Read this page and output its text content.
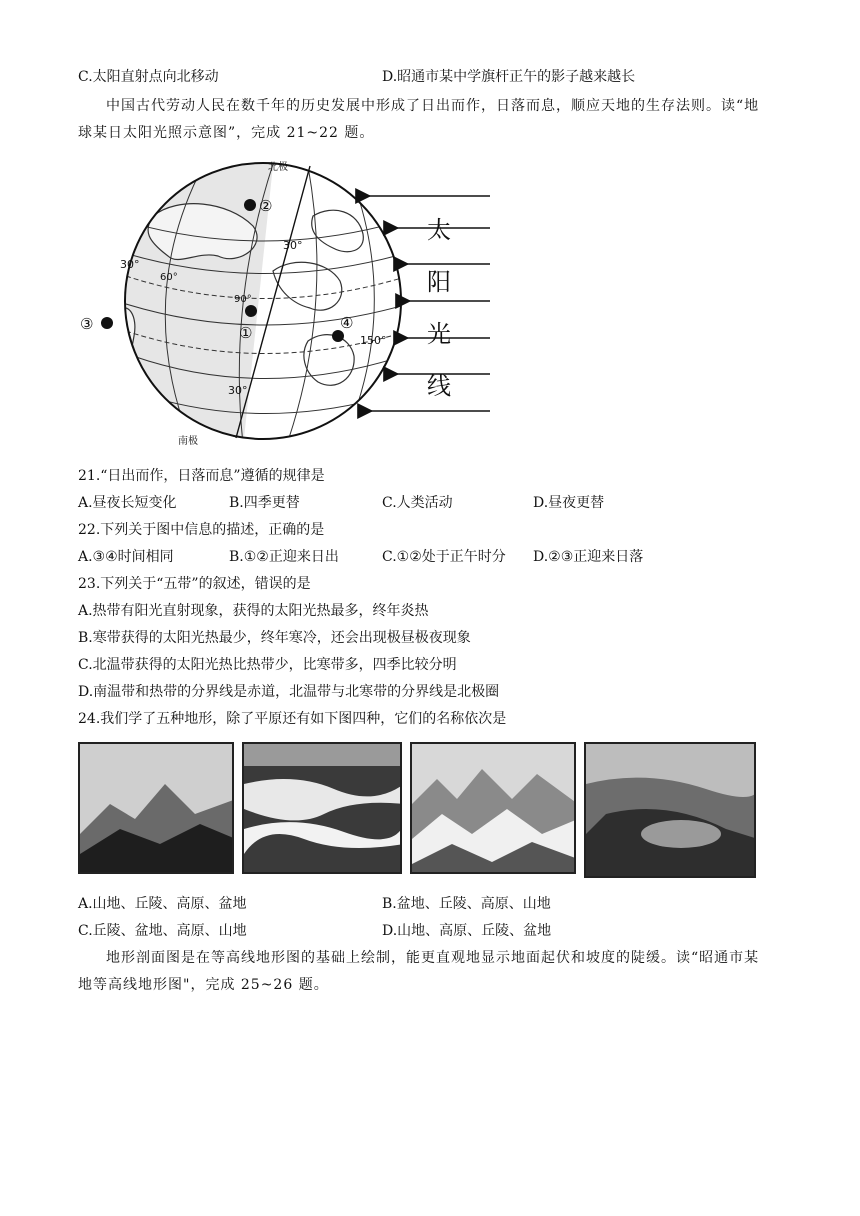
C.太阳直射点向北移动	D.昭通市某中学旗杆正午的影子越来越长
中国古代劳动人民在数千年的历史发展中形成了日出而作，日落而息，顺应天地的生存法则。读“地
球某日太阳光照示意图”，完成 21~22 题。
北极
南极
30°
30°
60°
90°
150°
30°
②
①
③	④
太
阳
光
线
21.“日出而作，日落而息”遵循的规律是
A.昼夜长短变化	B.四季更替	C.人类活动	D.昼夜更替
22.下列关于图中信息的描述，正确的是
A.③④时间相同	B.①②正迎来日出	C.①②处于正午时分 D.②③正迎来日落
23.下列关于“五带”的叙述，错误的是
A.热带有阳光直射现象，获得的太阳光热最多，终年炎热
B.寒带获得的太阳光热最少，终年寒冷，还会出现极昼极夜现象
C.北温带获得的太阳光热比热带少，比寒带多，四季比较分明
D.南温带和热带的分界线是赤道，北温带与北寒带的分界线是北极圈
24.我们学了五种地形，除了平原还有如下图四种，它们的名称依次是
A.山地、丘陵、高原、盆地	B.盆地、丘陵、高原、山地
C.丘陵、盆地、高原、山地	D.山地、高原、丘陵、盆地
地形剖面图是在等高线地形图的基础上绘制，能更直观地显示地面起伏和坡度的陡缓。读“昭通市某
地等高线地形图"，完成 25~26 题。
